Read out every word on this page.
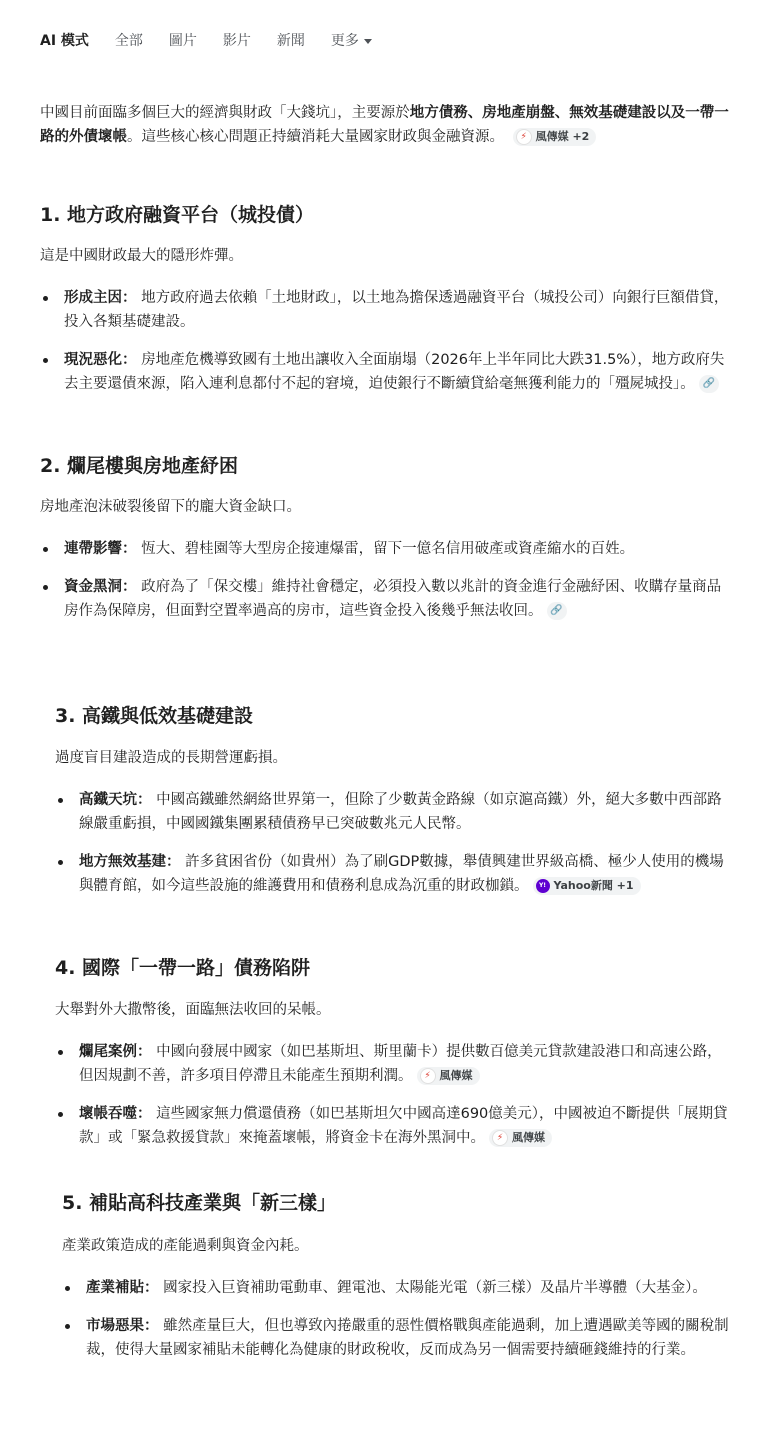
AI 模式 全部 圖片 影片 新聞 更多
中國目前面臨多個巨大的經濟與財政「大錢坑」，主要源於地方債務、房地產崩盤、無效基礎建設以及一帶一路的外債壞帳。這些核心核心問題正持續消耗大量國家財政與金融資源。	⚡ 風傳媒 +2
1. 地方政府融資平台（城投債）
這是中國財政最大的隱形炸彈。
形成主因： 地方政府過去依賴「土地財政」，以土地為擔保透過融資平台（城投公司）向銀行巨額借貸，投入各類基礎建設。
現況惡化： 房地產危機導致國有土地出讓收入全面崩塌（2026年上半年同比大跌31.5%），地方政府失去主要還債來源，陷入連利息都付不起的窘境，迫使銀行不斷續貸給毫無獲利能力的「殭屍城投」。 🔗
2. 爛尾樓與房地產紓困
房地產泡沫破裂後留下的龐大資金缺口。
連帶影響： 恆大、碧桂園等大型房企接連爆雷，留下一億名信用破產或資產縮水的百姓。
資金黑洞： 政府為了「保交樓」維持社會穩定，必須投入數以兆計的資金進行金融紓困、收購存量商品房作為保障房，但面對空置率過高的房市，這些資金投入後幾乎無法收回。 🔗
3. 高鐵與低效基礎建設
過度盲目建設造成的長期營運虧損。
高鐵天坑： 中國高鐵雖然網絡世界第一，但除了少數黃金路線（如京滬高鐵）外，絕大多數中西部路線嚴重虧損，中國國鐵集團累積債務早已突破數兆元人民幣。
地方無效基建： 許多貧困省份（如貴州）為了刷GDP數據，舉債興建世界級高橋、極少人使用的機場與體育館，如今這些設施的維護費用和債務利息成為沉重的財政枷鎖。	Y! Yahoo新聞 +1
4. 國際「一帶一路」債務陷阱
大舉對外大撒幣後，面臨無法收回的呆帳。
爛尾案例： 中國向發展中國家（如巴基斯坦、斯里蘭卡）提供數百億美元貸款建設港口和高速公路，但因規劃不善，許多項目停滯且未能產生預期利潤。	⚡ 風傳媒
壞帳吞噬： 這些國家無力償還債務（如巴基斯坦欠中國高達690億美元），中國被迫不斷提供「展期貸款」或「緊急救援貸款」來掩蓋壞帳，將資金卡在海外黑洞中。	⚡ 風傳媒
5. 補貼高科技產業與「新三樣」
產業政策造成的產能過剩與資金內耗。
產業補貼： 國家投入巨資補助電動車、鋰電池、太陽能光電（新三樣）及晶片半導體（大基金）。
市場惡果： 雖然產量巨大，但也導致內捲嚴重的惡性價格戰與產能過剩，加上遭遇歐美等國的關稅制裁，使得大量國家補貼未能轉化為健康的財政稅收，反而成為另一個需要持續砸錢維持的行業。
